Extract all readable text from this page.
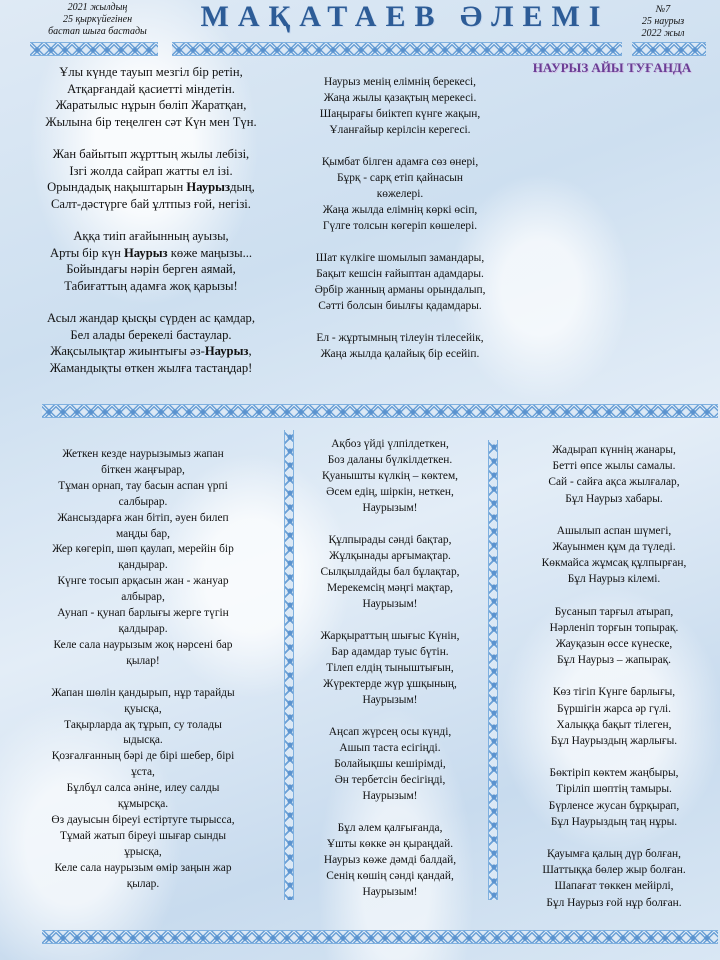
2021 жылдың
25 қыркүйегінен
бастап шыға бастады	МАҚАТАЕВ ӘЛЕМІ	№7
25 наурыз
2022 жыл
НАУРЫЗ АЙЫ ТУҒАНДА
Ұлы күнде тауып мезгіл бір ретін,
Атқарғандай қасиетті міндетін.
Жаратылыс нұрын бөліп Жаратқан,
Жылына бір теңелген сәт Күн мен Түн.
Жан байытып жұрттың жылы лебізі,
Ізгі жолда сайрап жатты ел ізі.
Орындадық нақыштарын Наурыздың,
Салт-дәстүрге бай ұлтпыз ғой, негізі.
Аққа тиіп ағайынның ауызы,
Арты бір күн Наурыз көже маңызы...
Бойындағы нәрін берген аямай,
Табиғаттың адамға жоқ қарызы!
Асыл жандар қысқы сүрден ас қамдар,
Бел алады берекелі бастаулар.
Жақсылықтар жиынтығы әз-Наурыз,
Жамандықты өткен жылға тастаңдар!
Наурыз менің елімнің берекесі,
Жаңа жылы қазақтың мерекесі.
Шаңырағы биіктеп күнге жақын,
Ұланғайыр керілсін керегесі.
Қымбат білген адамға сөз өнері,
Бұрқ - сарқ етіп қайнасын
көжелері.
Жаңа жылда елімнің көркі өсіп,
Гүлге толсын көгеріп көшелері.
Шат күлкіге шомылып замандары,
Бақыт кешсін ғайыптан адамдары.
Әрбір жанның арманы орындалып,
Сәтті болсын биылғы қадамдары.
Ел - жұртымның тілеуін тілесейік,
Жаңа жылда қалайық бір есейіп.
Жеткен кезде наурызымыз жапан
біткен жаңғырар,
Тұман орнап, тау басын аспан үрпі
салбырар.
Жансыздарға жан бітіп, әуен билеп
маңды бар,
Жер көгеріп, шөп қаулап, мерейін бір
қандырар.
Күнге тосып арқасын жан - жануар
албырар,
Аунап - қунап барлығы жерге түгін
қалдырар.
Келе сала наурызым жоқ нәрсені бар
қылар!
Жапан шөлін қандырып, нұр тарайды
қуысқа,
Тақырларда ақ тұрып, су толады
ыдысқа.
Қозғалғанның бәрі де бірі шебер, бірі
ұста,
Бұлбұл салса әніне, илеу салды
құмырсқа.
Өз дауысын біреуі естіртуге тырысса,
Тұмай жатып біреуі шығар сынды
ұрысқа,
Келе сала наурызым өмір заңын жар
қылар.
Ақбоз үйді үлпілдеткен,
Боз даланы бүлкілдеткен.
Қуанышты күлкің – көктем,
Әсем едің, шіркін, неткен,
Наурызым!
Құлпырады сәнді бақтар,
Жұлқынады арғымақтар.
Сылқылдайды бал бұлақтар,
Мерекемсің мәңгі мақтар,
Наурызым!
Жарқыраттың шығыс Күнін,
Бар адамдар туыс бүтін.
Тілеп елдің тыныштығын,
Жүректерде жүр ұшқының,
Наурызым!
Аңсап жүрсең осы күнді,
Ашып таста есігіңді.
Болайықшы кешірімді,
Ән тербетсін бесігіңді,
Наурызым!
Бұл әлем қалғығанда,
Ұшты көкке ән қыраңдай.
Наурыз көже дәмді балдай,
Сенің көшің сәнді қандай,
Наурызым!
Жадырап күннің жанары,
Бетті өпсе жылы самалы.
Сай - сайға ақса жылғалар,
Бұл Наурыз хабары.
Ашылып аспан шүмегі,
Жауынмен құм да түледі.
Көкмайса жұмсақ құлпырған,
Бұл Наурыз кілемі.
Бусанып тарғыл атырап,
Нәрленіп торғын топырақ.
Жауқазын өссе күнеске,
Бұл Наурыз – жапырақ.
Көз тігіп Күнге барлығы,
Бүршігін жарса әр гүлі.
Халыққа бақыт тілеген,
Бұл Наурыздың жарлығы.
Бөктіріп көктем жаңбыры,
Тіріліп шөптің тамыры.
Бүрленсе жусан бұрқырап,
Бұл Наурыздың таң нұры.
Қауымға қалың дүр болған,
Шаттыққа бөлер жыр болған.
Шапағат төккен мейірлі,
Бұл Наурыз ғой нұр болған.
